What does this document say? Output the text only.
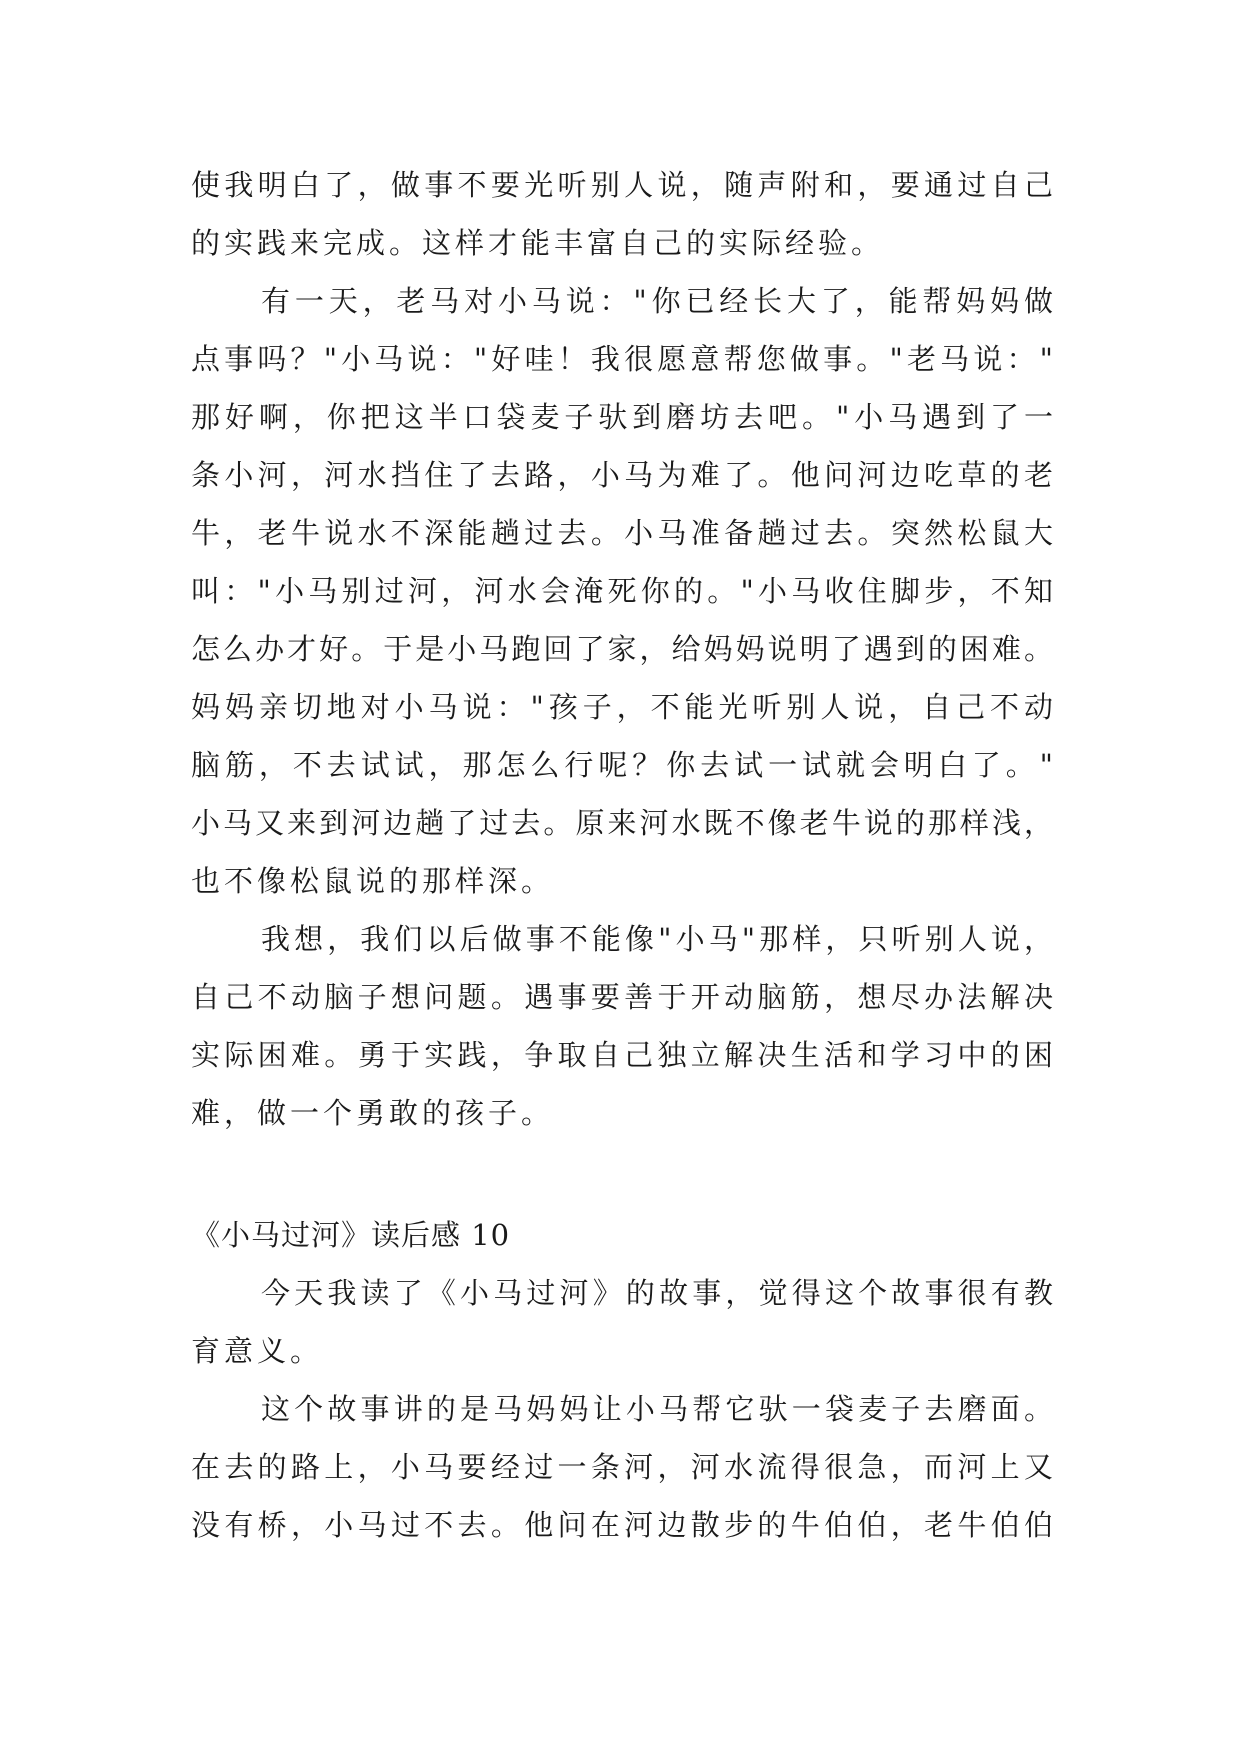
使我明白了，做事不要光听别人说，随声附和，要通过自己
的实践来完成。这样才能丰富自己的实际经验。
有一天，老马对小马说："你已经长大了，能帮妈妈做
点事吗？"小马说："好哇！我很愿意帮您做事。"老马说："
那好啊，你把这半口袋麦子驮到磨坊去吧。"小马遇到了一
条小河，河水挡住了去路，小马为难了。他问河边吃草的老
牛，老牛说水不深能趟过去。小马准备趟过去。突然松鼠大
叫："小马别过河，河水会淹死你的。"小马收住脚步，不知
怎么办才好。于是小马跑回了家，给妈妈说明了遇到的困难。
妈妈亲切地对小马说："孩子，不能光听别人说，自己不动
脑筋，不去试试，那怎么行呢？你去试一试就会明白了。"
小马又来到河边趟了过去。原来河水既不像老牛说的那样浅，
也不像松鼠说的那样深。
我想，我们以后做事不能像"小马"那样，只听别人说，
自己不动脑子想问题。遇事要善于开动脑筋，想尽办法解决
实际困难。勇于实践，争取自己独立解决生活和学习中的困
难，做一个勇敢的孩子。
《小马过河》读后感 10
今天我读了《小马过河》的故事，觉得这个故事很有教
育意义。
这个故事讲的是马妈妈让小马帮它驮一袋麦子去磨面。
在去的路上，小马要经过一条河，河水流得很急，而河上又
没有桥，小马过不去。他问在河边散步的牛伯伯，老牛伯伯
